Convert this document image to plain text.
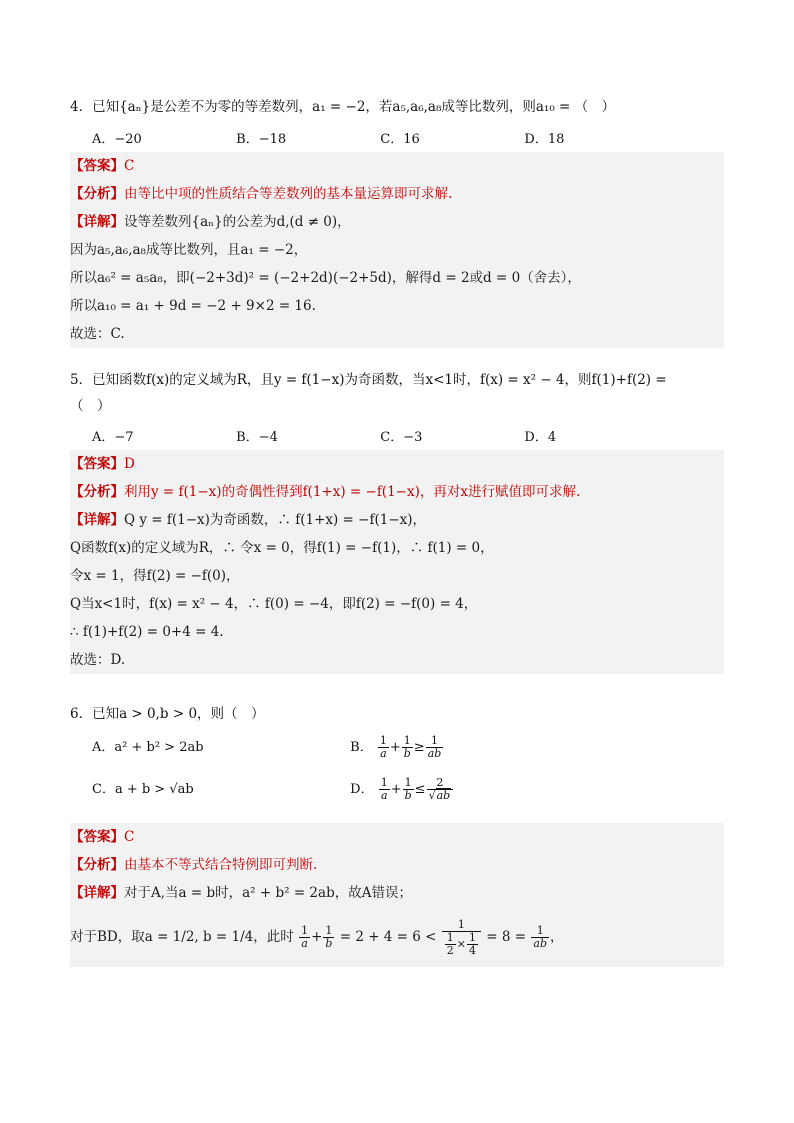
4．已知{aₙ}是公差不为零的等差数列，a₁ = −2，若a₅,a₆,a₈成等比数列，则a₁₀ = （　）
A．−20	B．−18	C．16	D．18
【答案】C
【分析】由等比中项的性质结合等差数列的基本量运算即可求解.
【详解】设等差数列{aₙ}的公差为d,(d ≠ 0)，
因为a₅,a₆,a₈成等比数列，且a₁ = −2，
所以a₆² = a₅a₈，即(−2+3d)² = (−2+2d)(−2+5d)，解得d = 2或d = 0（舍去），
所以a₁₀ = a₁ + 9d = −2 + 9×2 = 16.
故选：C.
5．已知函数f(x)的定义域为R，且y = f(1−x)为奇函数，当x<1时，f(x) = x² − 4，则f(1)+f(2) =
（　）
A．−7	B．−4	C．−3	D．4
【答案】D
【分析】利用y = f(1−x)的奇偶性得到f(1+x) = −f(1−x)，再对x进行赋值即可求解.
【详解】Q y = f(1−x)为奇函数，∴ f(1+x) = −f(1−x)，
Q函数f(x)的定义域为R，∴ 令x = 0，得f(1) = −f(1)，∴ f(1) = 0，
令x = 1，得f(2) = −f(0)，
Q当x<1时，f(x) = x² − 4，∴ f(0) = −4，即f(2) = −f(0) = 4，
∴ f(1)+f(2) = 0+4 = 4.
故选：D.
6．已知a > 0,b > 0，则（　）
A．a² + b² > 2ab	B． $\frac{1}{a} + \frac{1}{b} \ge \frac{1}{ab}$
C．a + b > √ab	D． $\frac{1}{a} + \frac{1}{b} \le \frac{2}{√ab}$
【答案】C
【分析】由基本不等式结合特例即可判断.
【详解】对于A,当a = b时，a² + b² = 2ab，故A错误；
对于BD，取a = 1/2, b = 1/4，此时 $\frac{1}{a} + \frac{1}{b} = 2 + 4 = 6 < \frac{1}{\frac{1}{2} \times \frac{1}{4}} = 8 = \frac{1}{ab}$ ，
